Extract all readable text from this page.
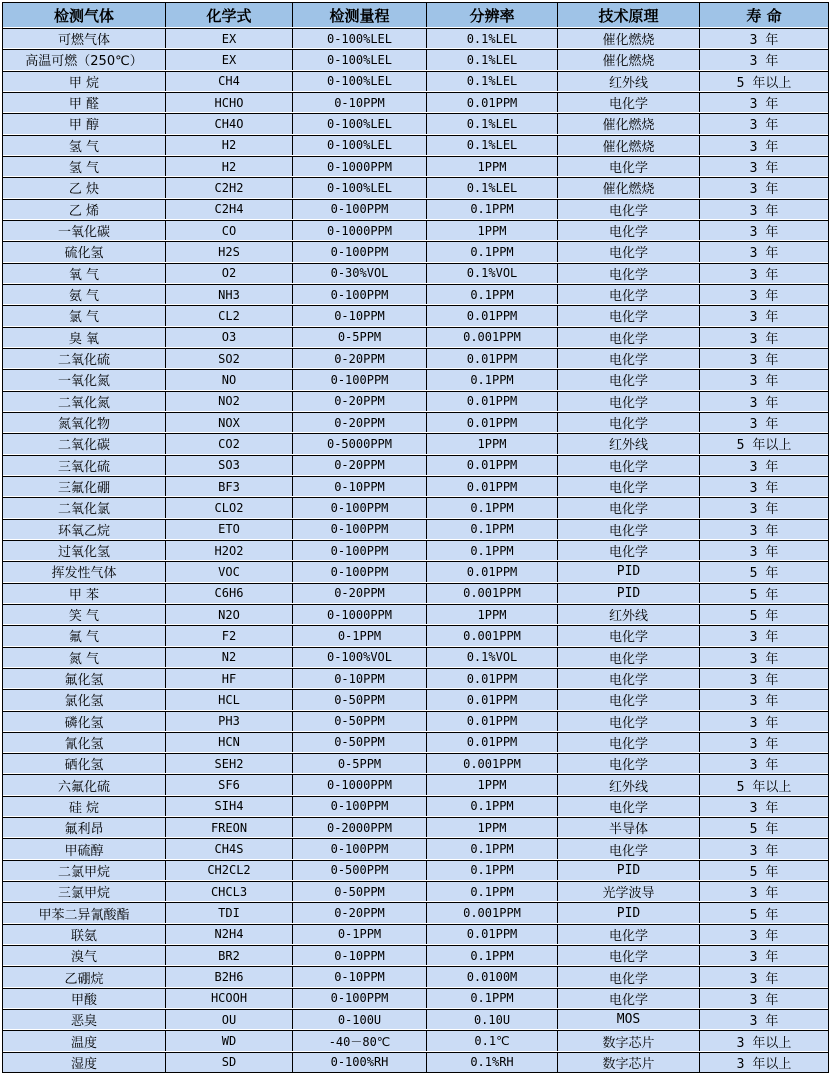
检测气体	化学式	检测量程	分辨率	技术原理	寿 命
可燃气体	EX	0-100%LEL	0.1%LEL	催化燃烧	3 年
高温可燃（250℃）	EX	0-100%LEL	0.1%LEL	催化燃烧	3 年
甲 烷	CH4	0-100%LEL	0.1%LEL	红外线	5 年以上
甲 醛	HCHO	0-10PPM	0.01PPM	电化学	3 年
甲 醇	CH4O	0-100%LEL	0.1%LEL	催化燃烧	3 年
氢 气	H2	0-100%LEL	0.1%LEL	催化燃烧	3 年
氢 气	H2	0-1000PPM	1PPM	电化学	3 年
乙 炔	C2H2	0-100%LEL	0.1%LEL	催化燃烧	3 年
乙 烯	C2H4	0-100PPM	0.1PPM	电化学	3 年
一氧化碳	CO	0-1000PPM	1PPM	电化学	3 年
硫化氢	H2S	0-100PPM	0.1PPM	电化学	3 年
氧 气	O2	0-30%VOL	0.1%VOL	电化学	3 年
氨 气	NH3	0-100PPM	0.1PPM	电化学	3 年
氯 气	CL2	0-10PPM	0.01PPM	电化学	3 年
臭 氧	O3	0-5PPM	0.001PPM	电化学	3 年
二氧化硫	SO2	0-20PPM	0.01PPM	电化学	3 年
一氧化氮	NO	0-100PPM	0.1PPM	电化学	3 年
二氧化氮	NO2	0-20PPM	0.01PPM	电化学	3 年
氮氧化物	NOX	0-20PPM	0.01PPM	电化学	3 年
二氧化碳	CO2	0-5000PPM	1PPM	红外线	5 年以上
三氧化硫	SO3	0-20PPM	0.01PPM	电化学	3 年
三氟化硼	BF3	0-10PPM	0.01PPM	电化学	3 年
二氧化氯	CLO2	0-100PPM	0.1PPM	电化学	3 年
环氧乙烷	ETO	0-100PPM	0.1PPM	电化学	3 年
过氧化氢	H2O2	0-100PPM	0.1PPM	电化学	3 年
挥发性气体	VOC	0-100PPM	0.01PPM	PID	5 年
甲 苯	C6H6	0-20PPM	0.001PPM	PID	5 年
笑 气	N2O	0-1000PPM	1PPM	红外线	5 年
氟 气	F2	0-1PPM	0.001PPM	电化学	3 年
氮 气	N2	0-100%VOL	0.1%VOL	电化学	3 年
氟化氢	HF	0-10PPM	0.01PPM	电化学	3 年
氯化氢	HCL	0-50PPM	0.01PPM	电化学	3 年
磷化氢	PH3	0-50PPM	0.01PPM	电化学	3 年
氰化氢	HCN	0-50PPM	0.01PPM	电化学	3 年
硒化氢	SEH2	0-5PPM	0.001PPM	电化学	3 年
六氟化硫	SF6	0-1000PPM	1PPM	红外线	5 年以上
硅 烷	SIH4	0-100PPM	0.1PPM	电化学	3 年
氟利昂	FREON	0-2000PPM	1PPM	半导体	5 年
甲硫醇	CH4S	0-100PPM	0.1PPM	电化学	3 年
二氯甲烷	CH2CL2	0-500PPM	0.1PPM	PID	5 年
三氯甲烷	CHCL3	0-50PPM	0.1PPM	光学波导	3 年
甲苯二异氰酸酯	TDI	0-20PPM	0.001PPM	PID	5 年
联氨	N2H4	0-1PPM	0.01PPM	电化学	3 年
溴气	BR2	0-10PPM	0.1PPM	电化学	3 年
乙硼烷	B2H6	0-10PPM	0.0100M	电化学	3 年
甲酸	HCOOH	0-100PPM	0.1PPM	电化学	3 年
恶臭	OU	0-100U	0.10U	MOS	3 年
温度	WD	-40－80℃	0.1℃	数字芯片	3 年以上
湿度	SD	0-100%RH	0.1%RH	数字芯片	3 年以上
